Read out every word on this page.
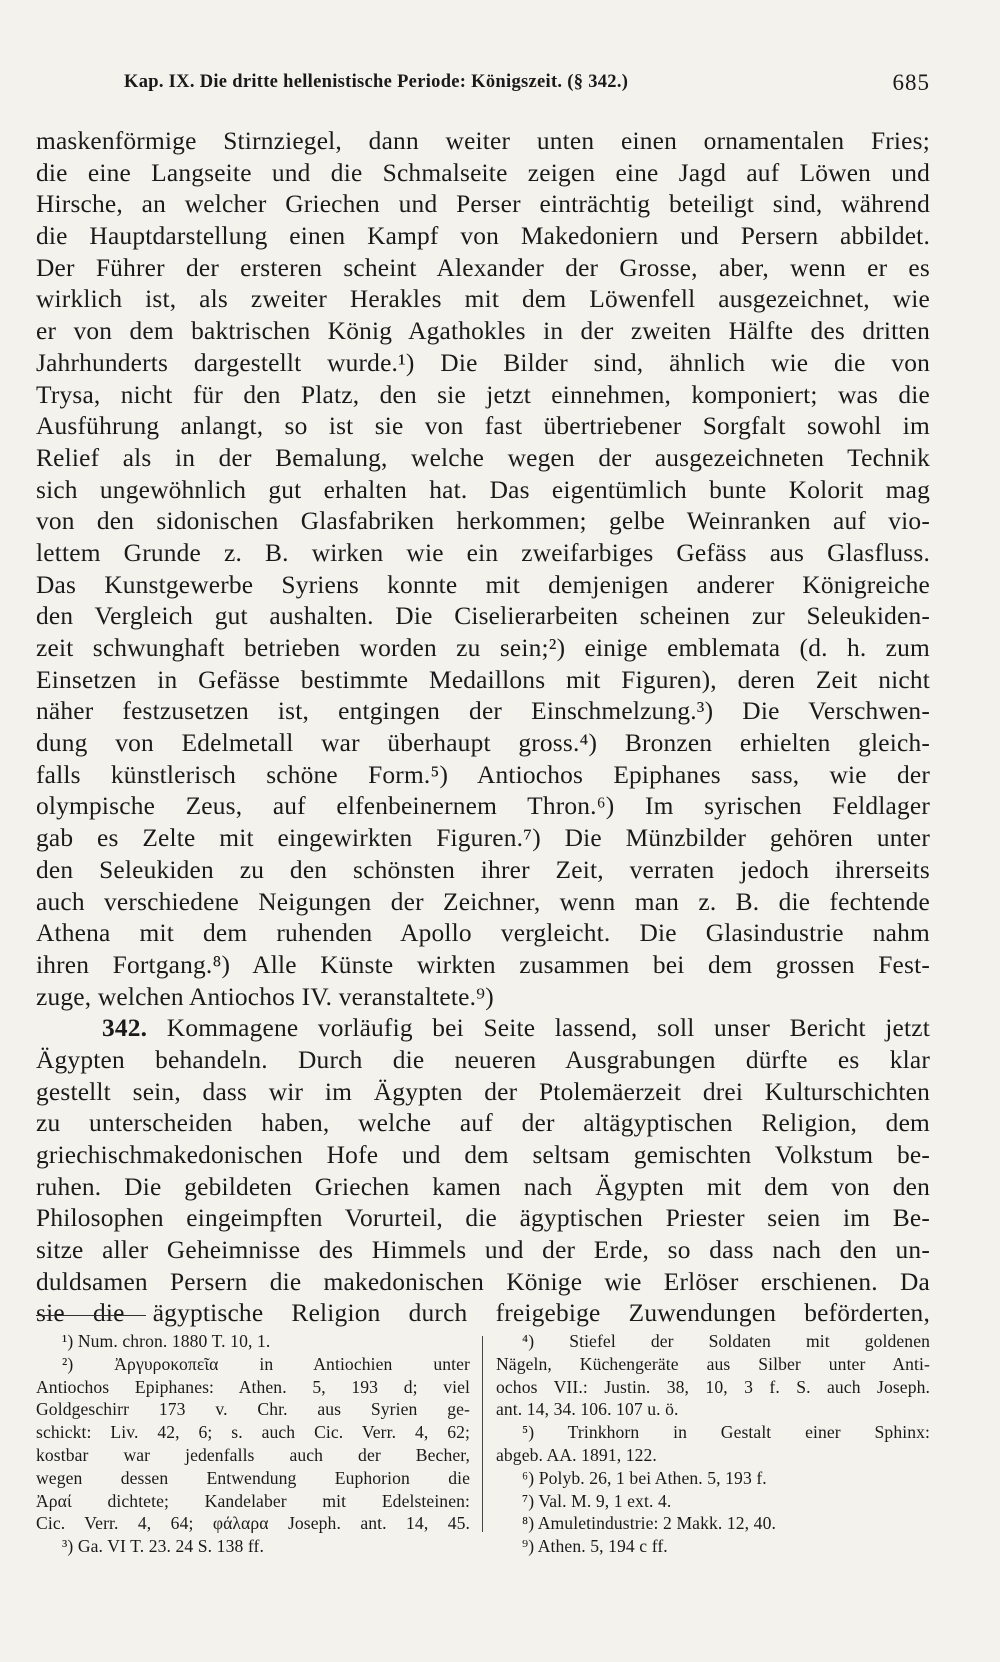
Kap. IX. Die dritte hellenistische Periode: Königszeit. (§ 342.)	685
maskenförmige Stirnziegel, dann weiter unten einen ornamentalen Fries;
die eine Langseite und die Schmalseite zeigen eine Jagd auf Löwen und
Hirsche, an welcher Griechen und Perser einträchtig beteiligt sind, während
die Hauptdarstellung einen Kampf von Makedoniern und Persern abbildet.
Der Führer der ersteren scheint Alexander der Grosse, aber, wenn er es
wirklich ist, als zweiter Herakles mit dem Löwenfell ausgezeichnet, wie
er von dem baktrischen König Agathokles in der zweiten Hälfte des dritten
Jahrhunderts dargestellt wurde.¹) Die Bilder sind, ähnlich wie die von
Trysa, nicht für den Platz, den sie jetzt einnehmen, komponiert; was die
Ausführung anlangt, so ist sie von fast übertriebener Sorgfalt sowohl im
Relief als in der Bemalung, welche wegen der ausgezeichneten Technik
sich ungewöhnlich gut erhalten hat. Das eigentümlich bunte Kolorit mag
von den sidonischen Glasfabriken herkommen; gelbe Weinranken auf vio-
lettem Grunde z. B. wirken wie ein zweifarbiges Gefäss aus Glasfluss.
Das Kunstgewerbe Syriens konnte mit demjenigen anderer Königreiche
den Vergleich gut aushalten. Die Ciselierarbeiten scheinen zur Seleukiden-
zeit schwunghaft betrieben worden zu sein;²) einige emblemata (d. h. zum
Einsetzen in Gefässe bestimmte Medaillons mit Figuren), deren Zeit nicht
näher festzusetzen ist, entgingen der Einschmelzung.³) Die Verschwen-
dung von Edelmetall war überhaupt gross.⁴) Bronzen erhielten gleich-
falls künstlerisch schöne Form.⁵) Antiochos Epiphanes sass, wie der
olympische Zeus, auf elfenbeinernem Thron.⁶) Im syrischen Feldlager
gab es Zelte mit eingewirkten Figuren.⁷) Die Münzbilder gehören unter
den Seleukiden zu den schönsten ihrer Zeit, verraten jedoch ihrerseits
auch verschiedene Neigungen der Zeichner, wenn man z. B. die fechtende
Athena mit dem ruhenden Apollo vergleicht. Die Glasindustrie nahm
ihren Fortgang.⁸) Alle Künste wirkten zusammen bei dem grossen Fest-
zuge, welchen Antiochos IV. veranstaltete.⁹)
342. Kommagene vorläufig bei Seite lassend, soll unser Bericht jetzt
Ägypten behandeln. Durch die neueren Ausgrabungen dürfte es klar
gestellt sein, dass wir im Ägypten der Ptolemäerzeit drei Kulturschichten
zu unterscheiden haben, welche auf der altägyptischen Religion, dem
griechischmakedonischen Hofe und dem seltsam gemischten Volkstum be-
ruhen. Die gebildeten Griechen kamen nach Ägypten mit dem von den
Philosophen eingeimpften Vorurteil, die ägyptischen Priester seien im Be-
sitze aller Geheimnisse des Himmels und der Erde, so dass nach den un-
duldsamen Persern die makedonischen Könige wie Erlöser erschienen. Da
sie die ägyptische Religion durch freigebige Zuwendungen beförderten,
¹) Num. chron. 1880 T. 10, 1.
²) Ἀργυροκοπεῖα in Antiochien unter
Antiochos Epiphanes: Athen. 5, 193 d; viel
Goldgeschirr 173 v. Chr. aus Syrien ge-
schickt: Liv. 42, 6; s. auch Cic. Verr. 4, 62;
kostbar war jedenfalls auch der Becher,
wegen dessen Entwendung Euphorion die
Ἀραί dichtete; Kandelaber mit Edelsteinen:
Cic. Verr. 4, 64; φάλαρα Joseph. ant. 14, 45.
³) Ga. VI T. 23. 24 S. 138 ff.
⁴) Stiefel der Soldaten mit goldenen
Nägeln, Küchengeräte aus Silber unter Anti-
ochos VII.: Justin. 38, 10, 3 f. S. auch Joseph.
ant. 14, 34. 106. 107 u. ö.
⁵) Trinkhorn in Gestalt einer Sphinx:
abgeb. AA. 1891, 122.
⁶) Polyb. 26, 1 bei Athen. 5, 193 f.
⁷) Val. M. 9, 1 ext. 4.
⁸) Amuletindustrie: 2 Makk. 12, 40.
⁹) Athen. 5, 194 c ff.
